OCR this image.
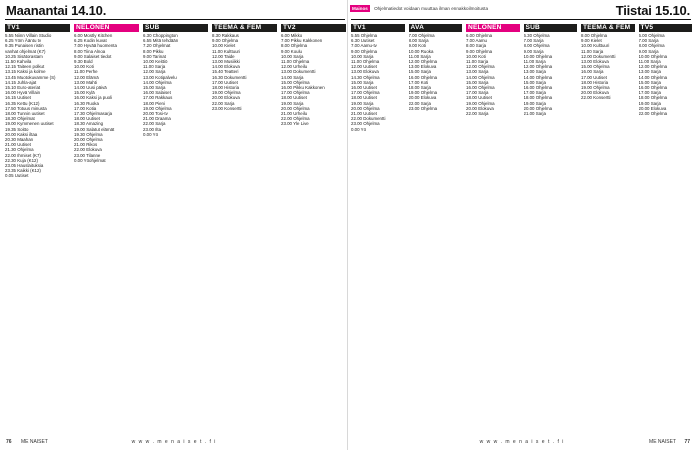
Maanantai 14.10.
TV1
5.55 Niinn Villain Studio
6.25 Yöm Ääntu tv
9.35 Punaisen ristin
vanhat ohjelmat (K7)
10.25 Sisätorastam
11.50 Kahvila
12.15 Taiteen polkut
13.15 Kaksi ja kolme
13.45 Muotokuvamme (S)
14.15 Juhla-ajat
15.10 Euro-ateriat
16.00 Hyvä Villain
16.15 Uutiset
16.35 Kettu (K12)
17.50 Totuus minusta
18.00 Tunnin uutiset
18.30 Ohjelmat
19.00 Kymmenen uutiset
19.35 Soitto
20.00 Kaksi iltaa
20.30 Maahan
21.00 Uutiset
21.30 Ohjelma
22.00 Ihmiset (K7)
22.30 Kuja (K12)
23.05 Hauslaituksia
23.35 Kaikki (K12)
0.05 Uutiset
NELONEN
6.00 Mostly Kitchen
6.25 Kodin kuvat
7.00 Hyvää huomenta
8.00 Tiina Alnoa
9.00 Salaiset tiedot
9.30 Bold
10.00 Koti
11.00 Perhe
12.00 Elämä
13.00 Mahti
14.00 Uusi päivä
15.00 Kylä
16.00 Kaksi ja puoli
16.30 Ruoka
17.00 Kotia
17.30 Ohjelmasarja
18.00 Uutiset
18.30 Amazing
19.00 Salatut elämät
19.30 Ohjelma
20.00 Ohjelma
21.00 Rikos
22.00 Elokuva
23.00 Tilanne
0.00 Yöohjelmat
SUB
6.30 Choppington
6.55 Mitä tehdään
7.20 Ohjelmat
8.00 Pikku
9.00 Tarinat
10.00 Keittiö
11.00 Sarja
12.00 Sarja
13.00 Kotipalvelu
14.00 Ohjelma
15.00 Sarja
16.00 Salaiset
17.00 Rakkaus
18.00 Pieni
19.00 Ohjelma
20.00 Tosi-tv
21.00 Draama
22.00 Sarja
23.00 Ilta
0.00 Yö
TEEMA & FEM
8.30 Rakkaus
9.00 Ohjelma
10.00 Kielet
11.00 Kulttuuri
12.00 Taide
13.00 Musiikki
14.00 Elokuva
15.40 Teatteri
16.30 Dokumentti
17.00 Uutiset
18.00 Historia
19.00 Ohjelma
20.00 Elokuva
22.00 Sarja
23.00 Konsertti
TV2
6.00 Mikko
7.00 Pikku Kakkonen
8.00 Ohjelma
9.00 Koulu
10.00 Sarja
11.00 Ohjelma
12.00 Urheilu
13.00 Dokumentti
14.00 Sarja
15.00 Ohjelma
16.00 Pikku Kakkonen
17.00 Ohjelma
18.00 Uutiset
19.00 Sarja
20.00 Ohjelma
21.00 Urheilu
22.00 Ohjelma
23.00 Yle Live
76 ME NAISET	w w w . m e n a i s e t . f i
Mainos Ohjelmatiedot voidaan muuttaa ilman ennakkoilmoitusta	Tiistai 15.10.
TV1
5.55 Ohjelma
6.30 Uutiset
7.00 Aamu-tv
9.00 Ohjelma
10.00 Sarja
11.00 Ohjelma
12.00 Uutiset
13.00 Elokuva
14.30 Ohjelma
15.00 Sarja
16.00 Uutiset
17.00 Ohjelma
18.00 Uutiset
19.00 Sarja
20.00 Ohjelma
21.00 Uutiset
22.00 Dokumentti
23.00 Ohjelma
0.00 Yö
AVA
7.00 Ohjelma
8.00 Sarja
9.00 Koti
10.00 Ruoka
11.00 Sarja
12.00 Ohjelma
13.00 Elokuva
15.00 Sarja
16.00 Ohjelma
17.00 Koti
18.00 Sarja
19.00 Ohjelma
20.00 Elokuva
22.00 Sarja
23.00 Ohjelma
NELONEN
6.00 Ohjelma
7.00 Aamu
8.00 Sarja
9.00 Ohjelma
10.00 Koti
11.00 Sarja
12.00 Ohjelma
13.00 Sarja
14.00 Ohjelma
15.00 Sarja
16.00 Ohjelma
17.00 Sarja
18.00 Uutiset
19.00 Ohjelma
20.00 Elokuva
22.00 Sarja
SUB
6.30 Ohjelma
7.00 Sarja
8.00 Ohjelma
9.00 Sarja
10.00 Ohjelma
11.00 Sarja
12.00 Ohjelma
13.00 Sarja
14.00 Ohjelma
15.00 Sarja
16.00 Ohjelma
17.00 Sarja
18.00 Ohjelma
19.00 Sarja
20.00 Ohjelma
21.00 Sarja
TEEMA & FEM
8.00 Ohjelma
9.00 Kielet
10.00 Kulttuuri
11.00 Sarja
12.00 Dokumentti
13.00 Elokuva
15.00 Ohjelma
16.00 Sarja
17.00 Uutiset
18.00 Historia
19.00 Ohjelma
20.00 Elokuva
22.00 Konsertti
TV5
6.00 Ohjelma
7.00 Sarja
8.00 Ohjelma
9.00 Sarja
10.00 Ohjelma
11.00 Sarja
12.00 Ohjelma
13.00 Sarja
14.00 Ohjelma
15.00 Sarja
16.00 Ohjelma
17.00 Sarja
18.00 Ohjelma
19.00 Sarja
20.00 Elokuva
22.00 Ohjelma
w w w . m e n a i s e t . f i	ME NAISET 77
